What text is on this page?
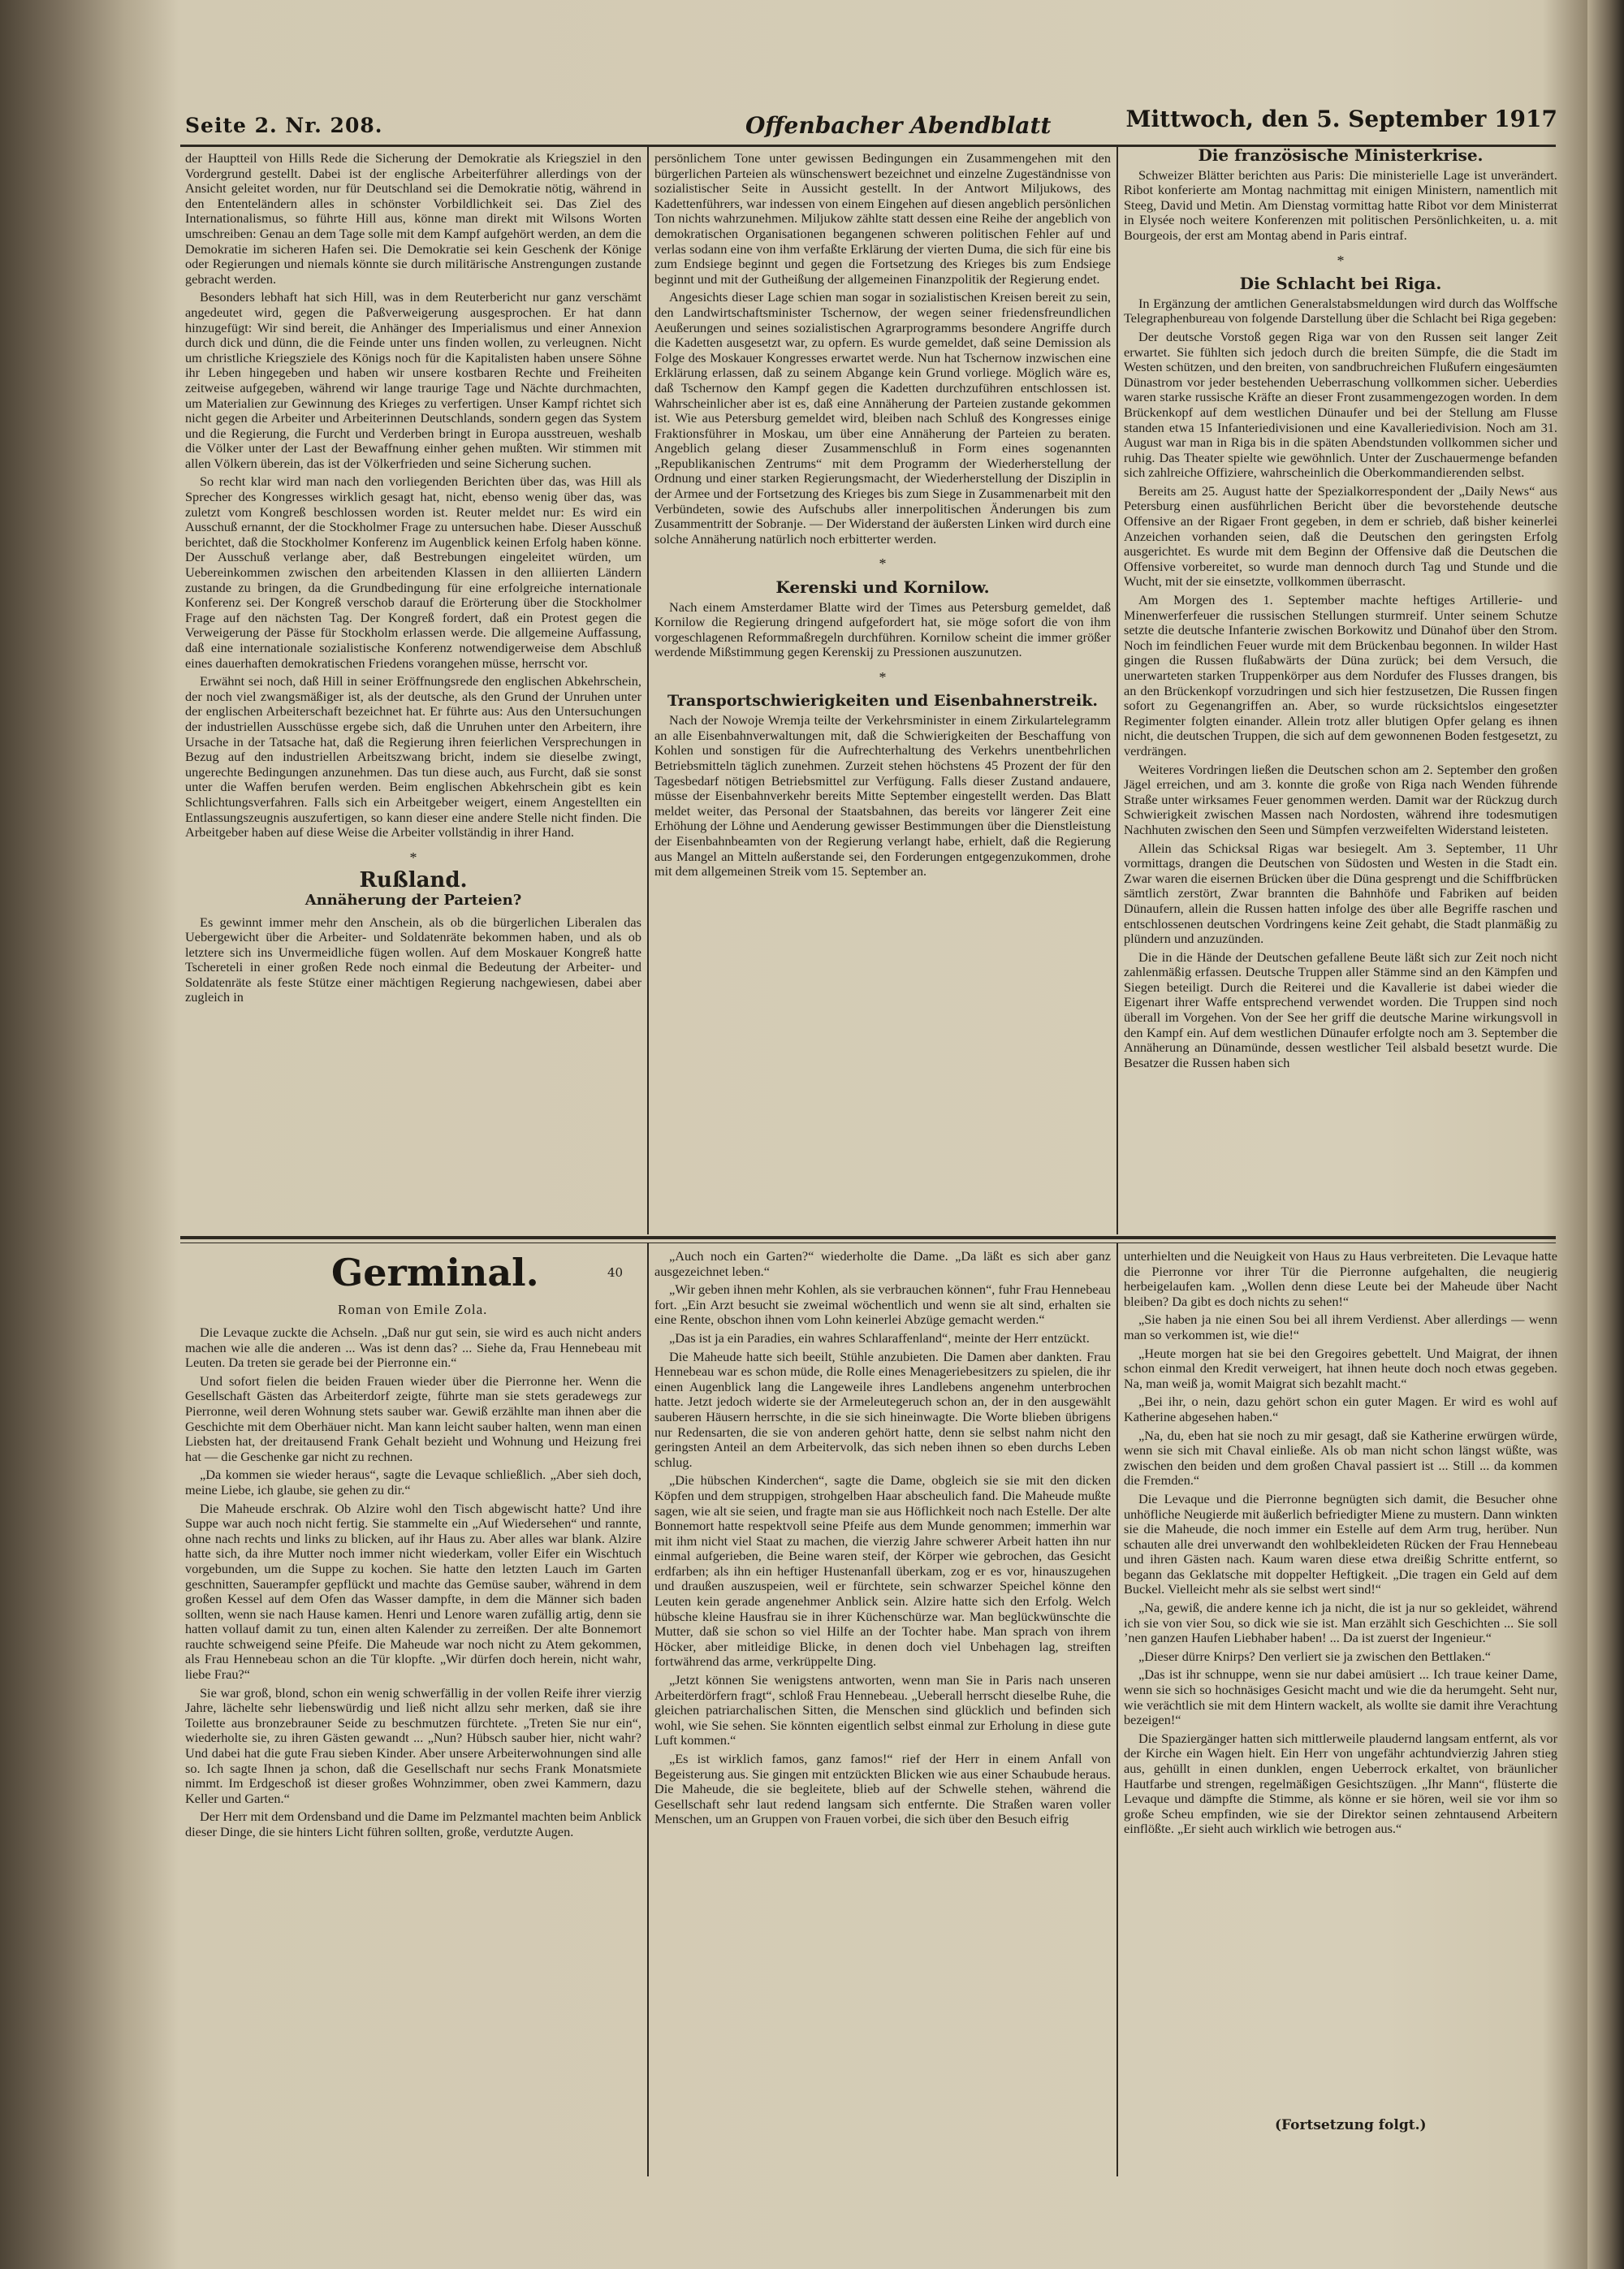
Seite 2. Nr. 208.	Offenbacher Abendblatt	Mittwoch, den 5. September 1917

der Hauptteil von Hills Rede die Sicherung der Demokratie als Kriegsziel in den Vordergrund gestellt. Dabei ist der englische Arbeiterführer allerdings von der Ansicht geleitet worden, nur für Deutschland sei die Demokratie nötig, während in den Ententeländern alles in schönster Vorbildlichkeit sei. Das Ziel des Internationalismus, so führte Hill aus, könne man direkt mit Wilsons Worten umschreiben: Genau an dem Tage solle mit dem Kampf aufgehört werden, an dem die Demokratie im sicheren Hafen sei. Die Demokratie sei kein Geschenk der Könige oder Regierungen und niemals könnte sie durch militärische Anstrengungen zustande gebracht werden.

Besonders lebhaft hat sich Hill, was in dem Reuterbericht nur ganz verschämt angedeutet wird, gegen die Paßverweigerung ausgesprochen. Er hat dann hinzugefügt: Wir sind bereit, die Anhänger des Imperialismus und einer Annexion durch dick und dünn, die die Feinde unter uns finden wollen, zu verleugnen. Nicht um christliche Kriegsziele des Königs noch für die Kapitalisten haben unsere Söhne ihr Leben hingegeben und haben wir unsere kostbaren Rechte und Freiheiten zeitweise aufgegeben, während wir lange traurige Tage und Nächte durchmachten, um Materialien zur Gewinnung des Krieges zu verfertigen. Unser Kampf richtet sich nicht gegen die Arbeiter und Arbeiterinnen Deutschlands, sondern gegen das System und die Regierung, die Furcht und Verderben bringt in Europa ausstreuen, weshalb die Völker unter der Last der Bewaffnung einher gehen mußten. Wir stimmen mit allen Völkern überein, das ist der Völkerfrieden und seine Sicherung suchen.

So recht klar wird man nach den vorliegenden Berichten über das, was Hill als Sprecher des Kongresses wirklich gesagt hat, nicht, ebenso wenig über das, was zuletzt vom Kongreß beschlossen worden ist. Reuter meldet nur: Es wird ein Ausschuß ernannt, der die Stockholmer Frage zu untersuchen habe. Dieser Ausschuß berichtet, daß die Stockholmer Konferenz im Augenblick keinen Erfolg haben könne. Der Ausschuß verlange aber, daß Bestrebungen eingeleitet würden, um Uebereinkommen zwischen den arbeitenden Klassen in den alliierten Ländern zustande zu bringen, da die Grundbedingung für eine erfolgreiche internationale Konferenz sei. Der Kongreß verschob darauf die Erörterung über die Stockholmer Frage auf den nächsten Tag. Der Kongreß fordert, daß ein Protest gegen die Verweigerung der Pässe für Stockholm erlassen werde. Die allgemeine Auffassung, daß eine internationale sozialistische Konferenz notwendigerweise dem Abschluß eines dauerhaften demokratischen Friedens vorangehen müsse, herrscht vor.

Erwähnt sei noch, daß Hill in seiner Eröffnungsrede den englischen Abkehrschein, der noch viel zwangsmäßiger ist, als der deutsche, als den Grund der Unruhen unter der englischen Arbeiterschaft bezeichnet hat. Er führte aus: Aus den Untersuchungen der industriellen Ausschüsse ergebe sich, daß die Unruhen unter den Arbeitern, ihre Ursache in der Tatsache hat, daß die Regierung ihren feierlichen Versprechungen in Bezug auf den industriellen Arbeitszwang bricht, indem sie dieselbe zwingt, ungerechte Bedingungen anzunehmen. Das tun diese auch, aus Furcht, daß sie sonst unter die Waffen berufen werden. Beim englischen Abkehrschein gibt es kein Schlichtungsverfahren. Falls sich ein Arbeitgeber weigert, einem Angestellten ein Entlassungszeugnis auszufertigen, so kann dieser eine andere Stelle nicht finden. Die Arbeitgeber haben auf diese Weise die Arbeiter vollständig in ihrer Hand.

*
Rußland.
Annäherung der Parteien?

Es gewinnt immer mehr den Anschein, als ob die bürgerlichen Liberalen das Uebergewicht über die Arbeiter- und Soldatenräte bekommen haben, und als ob letztere sich ins Unvermeidliche fügen wollen. Auf dem Moskauer Kongreß hatte Tschereteli in einer großen Rede noch einmal die Bedeutung der Arbeiter- und Soldatenräte als feste Stütze einer mächtigen Regierung nachgewiesen, dabei aber zugleich in

persönlichem Tone unter gewissen Bedingungen ein Zusammengehen mit den bürgerlichen Parteien als wünschenswert bezeichnet und einzelne Zugeständnisse von sozialistischer Seite in Aussicht gestellt. In der Antwort Miljukows, des Kadettenführers, war indessen von einem Eingehen auf diesen angeblich persönlichen Ton nichts wahrzunehmen. Miljukow zählte statt dessen eine Reihe der angeblich von demokratischen Organisationen begangenen schweren politischen Fehler auf und verlas sodann eine von ihm verfaßte Erklärung der vierten Duma, die sich für eine bis zum Endsiege beginnt und gegen die Fortsetzung des Krieges bis zum Endsiege beginnt und mit der Gutheißung der allgemeinen Finanzpolitik der Regierung endet.

Angesichts dieser Lage schien man sogar in sozialistischen Kreisen bereit zu sein, den Landwirtschaftsminister Tschernow, der wegen seiner friedensfreundlichen Aeußerungen und seines sozialistischen Agrarprogramms besondere Angriffe durch die Kadetten ausgesetzt war, zu opfern. Es wurde gemeldet, daß seine Demission als Folge des Moskauer Kongresses erwartet werde. Nun hat Tschernow inzwischen eine Erklärung erlassen, daß zu seinem Abgange kein Grund vorliege. Möglich wäre es, daß Tschernow den Kampf gegen die Kadetten durchzuführen entschlossen ist. Wahrscheinlicher aber ist es, daß eine Annäherung der Parteien zustande gekommen ist. Wie aus Petersburg gemeldet wird, bleiben nach Schluß des Kongresses einige Fraktionsführer in Moskau, um über eine Annäherung der Parteien zu beraten. Angeblich gelang dieser Zusammenschluß in Form eines sogenannten „Republikanischen Zentrums“ mit dem Programm der Wiederherstellung der Ordnung und einer starken Regierungsmacht, der Wiederherstellung der Disziplin in der Armee und der Fortsetzung des Krieges bis zum Siege in Zusammenarbeit mit den Verbündeten, sowie des Aufschubs aller innerpolitischen Änderungen bis zum Zusammentritt der Sobranje. — Der Widerstand der äußersten Linken wird durch eine solche Annäherung natürlich noch erbitterter werden.

*
Kerenski und Kornilow.

Nach einem Amsterdamer Blatte wird der Times aus Petersburg gemeldet, daß Kornilow die Regierung dringend aufgefordert hat, sie möge sofort die von ihm vorgeschlagenen Reformmaßregeln durchführen. Kornilow scheint die immer größer werdende Mißstimmung gegen Kerenskij zu Pressionen auszunutzen.

*
Transportschwierigkeiten und Eisenbahnerstreik.

Nach der Nowoje Wremja teilte der Verkehrsminister in einem Zirkulartelegramm an alle Eisenbahnverwaltungen mit, daß die Schwierigkeiten der Beschaffung von Kohlen und sonstigen für die Aufrechterhaltung des Verkehrs unentbehrlichen Betriebsmitteln täglich zunehmen. Zurzeit stehen höchstens 45 Prozent der für den Tagesbedarf nötigen Betriebsmittel zur Verfügung. Falls dieser Zustand andauere, müsse der Eisenbahnverkehr bereits Mitte September eingestellt werden. Das Blatt meldet weiter, das Personal der Staatsbahnen, das bereits vor längerer Zeit eine Erhöhung der Löhne und Aenderung gewisser Bestimmungen über die Dienstleistung der Eisenbahnbeamten von der Regierung verlangt habe, erhielt, daß die Regierung aus Mangel an Mitteln außerstande sei, den Forderungen entgegenzukommen, drohe mit dem allgemeinen Streik vom 15. September an.

Die französische Ministerkrise.

Schweizer Blätter berichten aus Paris: Die ministerielle Lage ist unverändert. Ribot konferierte am Montag nachmittag mit einigen Ministern, namentlich mit Steeg, David und Metin. Am Dienstag vormittag hatte Ribot vor dem Ministerrat in Elysée noch weitere Konferenzen mit politischen Persönlichkeiten, u. a. mit Bourgeois, der erst am Montag abend in Paris eintraf.

*
Die Schlacht bei Riga.

In Ergänzung der amtlichen Generalstabsmeldungen wird durch das Wolffsche Telegraphenbureau von folgende Darstellung über die Schlacht bei Riga gegeben:

Der deutsche Vorstoß gegen Riga war von den Russen seit langer Zeit erwartet. Sie fühlten sich jedoch durch die breiten Sümpfe, die die Stadt im Westen schützen, und den breiten, von sandbruchreichen Flußufern eingesäumten Dünastrom vor jeder bestehenden Ueberraschung vollkommen sicher. Ueberdies waren starke russische Kräfte an dieser Front zusammengezogen worden. In dem Brückenkopf auf dem westlichen Dünaufer und bei der Stellung am Flusse standen etwa 15 Infanteriedivisionen und eine Kavalleriedivision. Noch am 31. August war man in Riga bis in die späten Abendstunden vollkommen sicher und ruhig. Das Theater spielte wie gewöhnlich. Unter der Zuschauermenge befanden sich zahlreiche Offiziere, wahrscheinlich die Oberkommandierenden selbst.

Bereits am 25. August hatte der Spezialkorrespondent der „Daily News“ aus Petersburg einen ausführlichen Bericht über die bevorstehende deutsche Offensive an der Rigaer Front gegeben, in dem er schrieb, daß bisher keinerlei Anzeichen vorhanden seien, daß die Deutschen den geringsten Erfolg ausgerichtet. Es wurde mit dem Beginn der Offensive daß die Deutschen die Offensive vorbereitet, so wurde man dennoch durch Tag und Stunde und die Wucht, mit der sie einsetzte, vollkommen überrascht.

Am Morgen des 1. September machte heftiges Artillerie- und Minenwerferfeuer die russischen Stellungen sturmreif. Unter seinem Schutze setzte die deutsche Infanterie zwischen Borkowitz und Dünahof über den Strom. Noch im feindlichen Feuer wurde mit dem Brückenbau begonnen. In wilder Hast gingen die Russen flußabwärts der Düna zurück; bei dem Versuch, die unerwarteten starken Truppenkörper aus dem Nordufer des Flusses drangen, bis an den Brückenkopf vorzudringen und sich hier festzusetzen, Die Russen fingen sofort zu Gegenangriffen an. Aber, so wurde rücksichtslos eingesetzter Regimenter folgten einander. Allein trotz aller blutigen Opfer gelang es ihnen nicht, die deutschen Truppen, die sich auf dem gewonnenen Boden festgesetzt, zu verdrängen.

Weiteres Vordringen ließen die Deutschen schon am 2. September den großen Jägel erreichen, und am 3. konnte die große von Riga nach Wenden führende Straße unter wirksames Feuer genommen werden. Damit war der Rückzug durch Schwierigkeit zwischen Massen nach Nordosten, während ihre todesmutigen Nachhuten zwischen den Seen und Sümpfen verzweifelten Widerstand leisteten.

Allein das Schicksal Rigas war besiegelt. Am 3. September, 11 Uhr vormittags, drangen die Deutschen von Südosten und Westen in die Stadt ein. Zwar waren die eisernen Brücken über die Düna gesprengt und die Schiffbrücken sämtlich zerstört, Zwar brannten die Bahnhöfe und Fabriken auf beiden Dünaufern, allein die Russen hatten infolge des über alle Begriffe raschen und entschlossenen deutschen Vordringens keine Zeit gehabt, die Stadt planmäßig zu plündern und anzuzünden.

Die in die Hände der Deutschen gefallene Beute läßt sich zur Zeit noch nicht zahlenmäßig erfassen. Deutsche Truppen aller Stämme sind an den Kämpfen und Siegen beteiligt. Durch die Reiterei und die Kavallerie ist dabei wieder die Eigenart ihrer Waffe entsprechend verwendet worden. Die Truppen sind noch überall im Vorgehen. Von der See her griff die deutsche Marine wirkungsvoll in den Kampf ein. Auf dem westlichen Dünaufer erfolgte noch am 3. September die Annäherung an Dünamünde, dessen westlicher Teil alsbald besetzt wurde. Die Besatzer die Russen haben sich

Germinal.	40
Roman von Emile Zola.

Die Levaque zuckte die Achseln. „Daß nur gut sein, sie wird es auch nicht anders machen wie alle die anderen ... Was ist denn das? ... Siehe da, Frau Hennebeau mit Leuten. Da treten sie gerade bei der Pierronne ein.“

Und sofort fielen die beiden Frauen wieder über die Pierronne her. Wenn die Gesellschaft Gästen das Arbeiterdorf zeigte, führte man sie stets geradewegs zur Pierronne, weil deren Wohnung stets sauber war. Gewiß erzählte man ihnen aber die Geschichte mit dem Oberhäuer nicht. Man kann leicht sauber halten, wenn man einen Liebsten hat, der dreitausend Frank Gehalt bezieht und Wohnung und Heizung frei hat — die Geschenke gar nicht zu rechnen.

„Da kommen sie wieder heraus“, sagte die Levaque schließlich. „Aber sieh doch, meine Liebe, ich glaube, sie gehen zu dir.“

Die Maheude erschrak. Ob Alzire wohl den Tisch abgewischt hatte? Und ihre Suppe war auch noch nicht fertig. Sie stammelte ein „Auf Wiedersehen“ und rannte, ohne nach rechts und links zu blicken, auf ihr Haus zu. Aber alles war blank. Alzire hatte sich, da ihre Mutter noch immer nicht wiederkam, voller Eifer ein Wischtuch vorgebunden, um die Suppe zu kochen. Sie hatte den letzten Lauch im Garten geschnitten, Sauerampfer gepflückt und machte das Gemüse sauber, während in dem großen Kessel auf dem Ofen das Wasser dampfte, in dem die Männer sich baden sollten, wenn sie nach Hause kamen. Henri und Lenore waren zufällig artig, denn sie hatten vollauf damit zu tun, einen alten Kalender zu zerreißen. Der alte Bonnemort rauchte schweigend seine Pfeife. Die Maheude war noch nicht zu Atem gekommen, als Frau Hennebeau schon an die Tür klopfte. „Wir dürfen doch herein, nicht wahr, liebe Frau?“

Sie war groß, blond, schon ein wenig schwerfällig in der vollen Reife ihrer vierzig Jahre, lächelte sehr liebenswürdig und ließ nicht allzu sehr merken, daß sie ihre Toilette aus bronzebrauner Seide zu beschmutzen fürchtete. „Treten Sie nur ein“, wiederholte sie, zu ihren Gästen gewandt ... „Nun? Hübsch sauber hier, nicht wahr? Und dabei hat die gute Frau sieben Kinder. Aber unsere Arbeiterwohnungen sind alle so. Ich sagte Ihnen ja schon, daß die Gesellschaft nur sechs Frank Monatsmiete nimmt. Im Erdgeschoß ist dieser großes Wohnzimmer, oben zwei Kammern, dazu Keller und Garten.“

Der Herr mit dem Ordensband und die Dame im Pelzmantel machten beim Anblick dieser Dinge, die sie hinters Licht führen sollten, große, verdutzte Augen.

„Auch noch ein Garten?“ wiederholte die Dame. „Da läßt es sich aber ganz ausgezeichnet leben.“

„Wir geben ihnen mehr Kohlen, als sie verbrauchen können“, fuhr Frau Hennebeau fort. „Ein Arzt besucht sie zweimal wöchentlich und wenn sie alt sind, erhalten sie eine Rente, obschon ihnen vom Lohn keinerlei Abzüge gemacht werden.“

„Das ist ja ein Paradies, ein wahres Schlaraffenland“, meinte der Herr entzückt.

Die Maheude hatte sich beeilt, Stühle anzubieten. Die Damen aber dankten. Frau Hennebeau war es schon müde, die Rolle eines Menageriebesitzers zu spielen, die ihr einen Augenblick lang die Langeweile ihres Landlebens angenehm unterbrochen hatte. Jetzt jedoch widerte sie der Armeleutegeruch schon an, der in den ausgewählt sauberen Häusern herrschte, in die sie sich hineinwagte. Die Worte blieben übrigens nur Redensarten, die sie von anderen gehört hatte, denn sie selbst nahm nicht den geringsten Anteil an dem Arbeitervolk, das sich neben ihnen so eben durchs Leben schlug.

„Die hübschen Kinderchen“, sagte die Dame, obgleich sie sie mit den dicken Köpfen und dem struppigen, strohgelben Haar abscheulich fand. Die Maheude mußte sagen, wie alt sie seien, und fragte man sie aus Höflichkeit noch nach Estelle. Der alte Bonnemort hatte respektvoll seine Pfeife aus dem Munde genommen; immerhin war mit ihm nicht viel Staat zu machen, die vierzig Jahre schwerer Arbeit hatten ihn nur einmal aufgerieben, die Beine waren steif, der Körper wie gebrochen, das Gesicht erdfarben; als ihn ein heftiger Hustenanfall überkam, zog er es vor, hinauszugehen und draußen auszuspeien, weil er fürchtete, sein schwarzer Speichel könne den Leuten kein gerade angenehmer Anblick sein. Alzire hatte sich den Erfolg. Welch hübsche kleine Hausfrau sie in ihrer Küchenschürze war. Man beglückwünschte die Mutter, daß sie schon so viel Hilfe an der Tochter habe. Man sprach von ihrem Höcker, aber mitleidige Blicke, in denen doch viel Unbehagen lag, streiften fortwährend das arme, verkrüppelte Ding.

„Jetzt können Sie wenigstens antworten, wenn man Sie in Paris nach unseren Arbeiterdörfern fragt“, schloß Frau Hennebeau. „Ueberall herrscht dieselbe Ruhe, die gleichen patriarchalischen Sitten, die Menschen sind glücklich und befinden sich wohl, wie Sie sehen. Sie könnten eigentlich selbst einmal zur Erholung in diese gute Luft kommen.“

„Es ist wirklich famos, ganz famos!“ rief der Herr in einem Anfall von Begeisterung aus. Sie gingen mit entzückten Blicken wie aus einer Schaubude heraus. Die Maheude, die sie begleitete, blieb auf der Schwelle stehen, während die Gesellschaft sehr laut redend langsam sich entfernte. Die Straßen waren voller Menschen, um an Gruppen von Frauen vorbei, die sich über den Besuch eifrig

unterhielten und die Neuigkeit von Haus zu Haus verbreiteten. Die Levaque hatte die Pierronne vor ihrer Tür die Pierronne aufgehalten, die neugierig herbeigelaufen kam. „Wollen denn diese Leute bei der Maheude über Nacht bleiben? Da gibt es doch nichts zu sehen!“

„Sie haben ja nie einen Sou bei all ihrem Verdienst. Aber allerdings — wenn man so verkommen ist, wie die!“

„Heute morgen hat sie bei den Gregoires gebettelt. Und Maigrat, der ihnen schon einmal den Kredit verweigert, hat ihnen heute doch noch etwas gegeben. Na, man weiß ja, womit Maigrat sich bezahlt macht.“

„Bei ihr, o nein, dazu gehört schon ein guter Magen. Er wird es wohl auf Katherine abgesehen haben.“

„Na, du, eben hat sie noch zu mir gesagt, daß sie Katherine erwürgen würde, wenn sie sich mit Chaval einließe. Als ob man nicht schon längst wüßte, was zwischen den beiden und dem großen Chaval passiert ist ... Still ... da kommen die Fremden.“

Die Levaque und die Pierronne begnügten sich damit, die Besucher ohne unhöfliche Neugierde mit äußerlich befriedigter Miene zu mustern. Dann winkten sie die Maheude, die noch immer ein Estelle auf dem Arm trug, herüber. Nun schauten alle drei unverwandt den wohlbekleideten Rücken der Frau Hennebeau und ihren Gästen nach. Kaum waren diese etwa dreißig Schritte entfernt, so begann das Geklatsche mit doppelter Heftigkeit. „Die tragen ein Geld auf dem Buckel. Vielleicht mehr als sie selbst wert sind!“

„Na, gewiß, die andere kenne ich ja nicht, die ist ja nur so gekleidet, während ich sie von vier Sou, so dick wie sie ist. Man erzählt sich Geschichten ... Sie soll ’nen ganzen Haufen Liebhaber haben! ... Da ist zuerst der Ingenieur.“

„Dieser dürre Knirps? Den verliert sie ja zwischen den Bettlaken.“

„Das ist ihr schnuppe, wenn sie nur dabei amüsiert ... Ich traue keiner Dame, wenn sie sich so hochnäsiges Gesicht macht und wie die da herumgeht. Seht nur, wie verächtlich sie mit dem Hintern wackelt, als wollte sie damit ihre Verachtung bezeigen!“

Die Spaziergänger hatten sich mittlerweile plaudernd langsam entfernt, als vor der Kirche ein Wagen hielt. Ein Herr von ungefähr achtundvierzig Jahren stieg aus, gehüllt in einen dunklen, engen Ueberrock erkaltet, von bräunlicher Hautfarbe und strengen, regelmäßigen Gesichtszügen. „Ihr Mann“, flüsterte die Levaque und dämpfte die Stimme, als könne er sie hören, weil sie vor ihm so große Scheu empfinden, wie sie der Direktor seinen zehntausend Arbeitern einflößte. „Er sieht auch wirklich wie betrogen aus.“

(Fortsetzung folgt.)
